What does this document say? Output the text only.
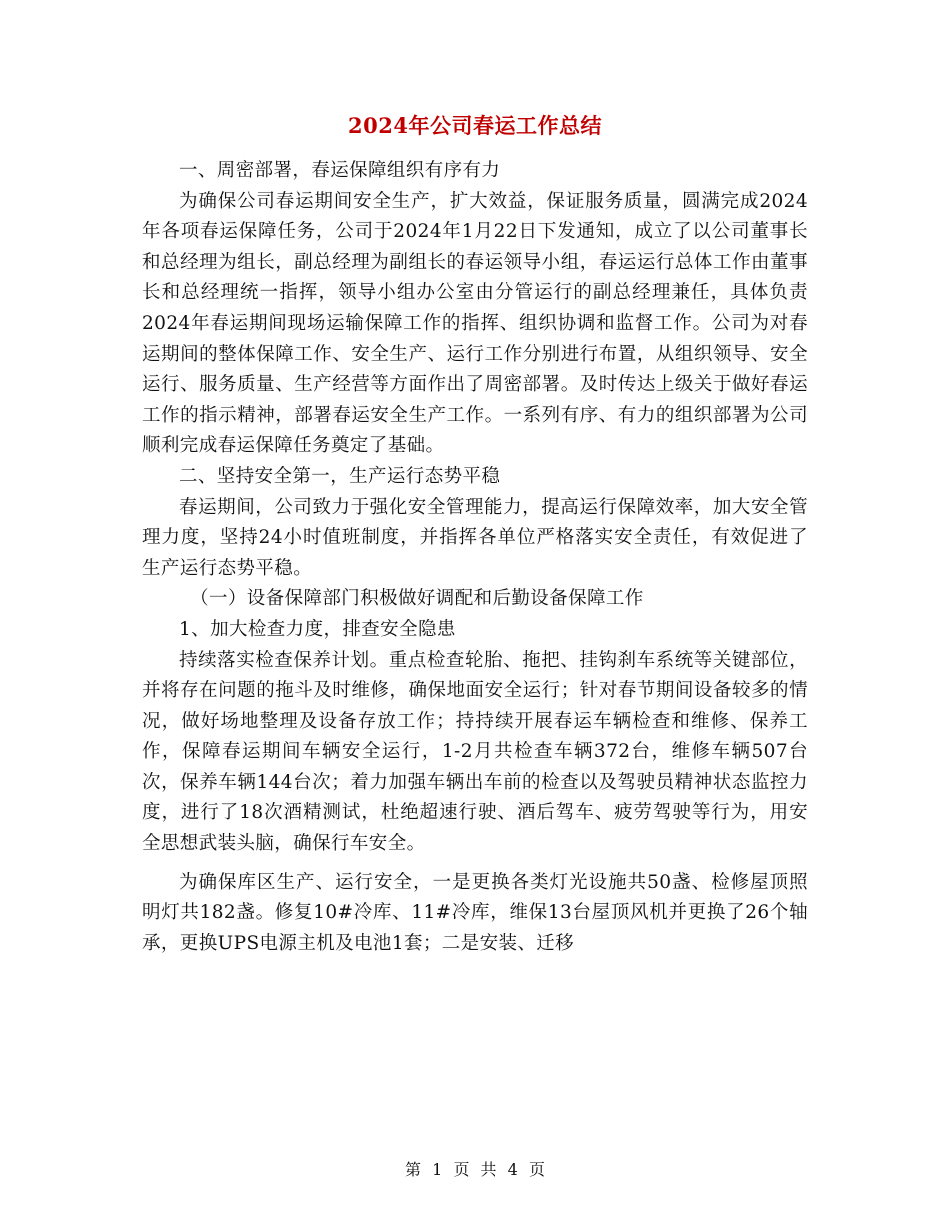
2024年公司春运工作总结

一、周密部署，春运保障组织有序有力

为确保公司春运期间安全生产，扩大效益，保证服务质量，圆满完成2024年各项春运保障任务，公司于2024年1月22日下发通知，成立了以公司董事长和总经理为组长，副总经理为副组长的春运领导小组，春运运行总体工作由董事长和总经理统一指挥，领导小组办公室由分管运行的副总经理兼任，具体负责2024年春运期间现场运输保障工作的指挥、组织协调和监督工作。公司为对春运期间的整体保障工作、安全生产、运行工作分别进行布置，从组织领导、安全运行、服务质量、生产经营等方面作出了周密部署。及时传达上级关于做好春运工作的指示精神，部署春运安全生产工作。一系列有序、有力的组织部署为公司顺利完成春运保障任务奠定了基础。

二、坚持安全第一，生产运行态势平稳

春运期间，公司致力于强化安全管理能力，提高运行保障效率，加大安全管理力度，坚持24小时值班制度，并指挥各单位严格落实安全责任，有效促进了生产运行态势平稳。

（一）设备保障部门积极做好调配和后勤设备保障工作

1、加大检查力度，排查安全隐患

持续落实检查保养计划。重点检查轮胎、拖把、挂钩刹车系统等关键部位，并将存在问题的拖斗及时维修，确保地面安全运行；针对春节期间设备较多的情况，做好场地整理及设备存放工作；持持续开展春运车辆检查和维修、保养工作，保障春运期间车辆安全运行，1-2月共检查车辆372台，维修车辆507台次，保养车辆144台次；着力加强车辆出车前的检查以及驾驶员精神状态监控力度，进行了18次酒精测试，杜绝超速行驶、酒后驾车、疲劳驾驶等行为，用安全思想武装头脑，确保行车安全。

为确保库区生产、运行安全，一是更换各类灯光设施共50盏、检修屋顶照明灯共182盏。修复10#冷库、11#冷库，维保13台屋顶风机并更换了26个轴承，更换UPS电源主机及电池1套；二是安装、迁移

第 1 页 共 4 页
